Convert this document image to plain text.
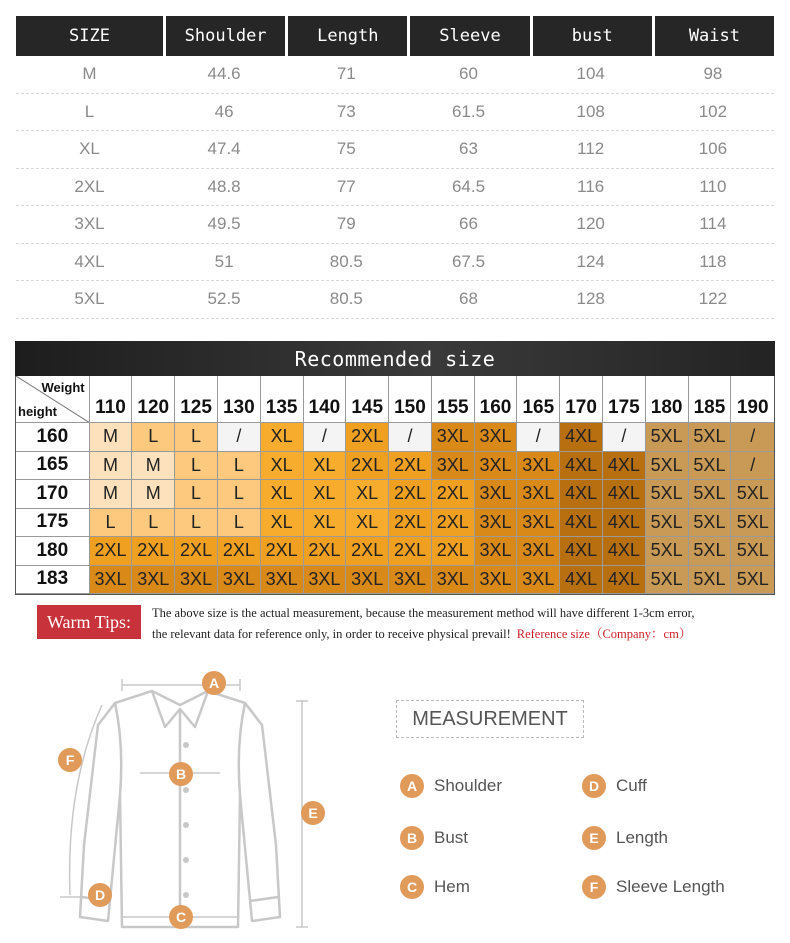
SIZE	Shoulder	Length	Sleeve	bust	Waist
M	44.6	71	60	104	98
L	46	73	61.5	108	102
XL	47.4	75	63	112	106
2XL	48.8	77	64.5	116	110
3XL	49.5	79	66	120	114
4XL	51	80.5	67.5	124	118
5XL	52.5	80.5	68	128	122
Recommended size
Weight
height 110 120 125 130 135 140 145 150 155 160 165 170 175 180 185 190
160	M	L	L	/	XL	/	2XL	/	3XL 3XL	/	4XL	/	5XL 5XL	/
165	M	M	L	L	XL	XL 2XL 2XL 3XL 3XL 3XL 4XL 4XL 5XL 5XL	/
170	M	M	L	L	XL	XL	XL 2XL 2XL 3XL 3XL 4XL 4XL 5XL 5XL 5XL
175	L	L	L	L	XL	XL	XL 2XL 2XL 3XL 3XL 4XL 4XL 5XL 5XL 5XL
180	2XL 2XL 2XL 2XL 2XL 2XL 2XL 2XL 2XL 3XL 3XL 4XL 4XL 5XL 5XL 5XL
183	3XL 3XL 3XL 3XL 3XL 3XL 3XL 3XL 3XL 3XL 3XL 4XL 4XL 5XL 5XL 5XL
Warm Tips:	The above size is the actual measurement, because the measurement method will have different 1-3cm error,
the relevant data for reference only, in order to receive physical prevail! Reference size（Company：cm）
A
B
C
D
E
F
MEASUREMENT
A Shoulder
B Bust
C Hem
D Cuff
E	Length
F	Sleeve Length
